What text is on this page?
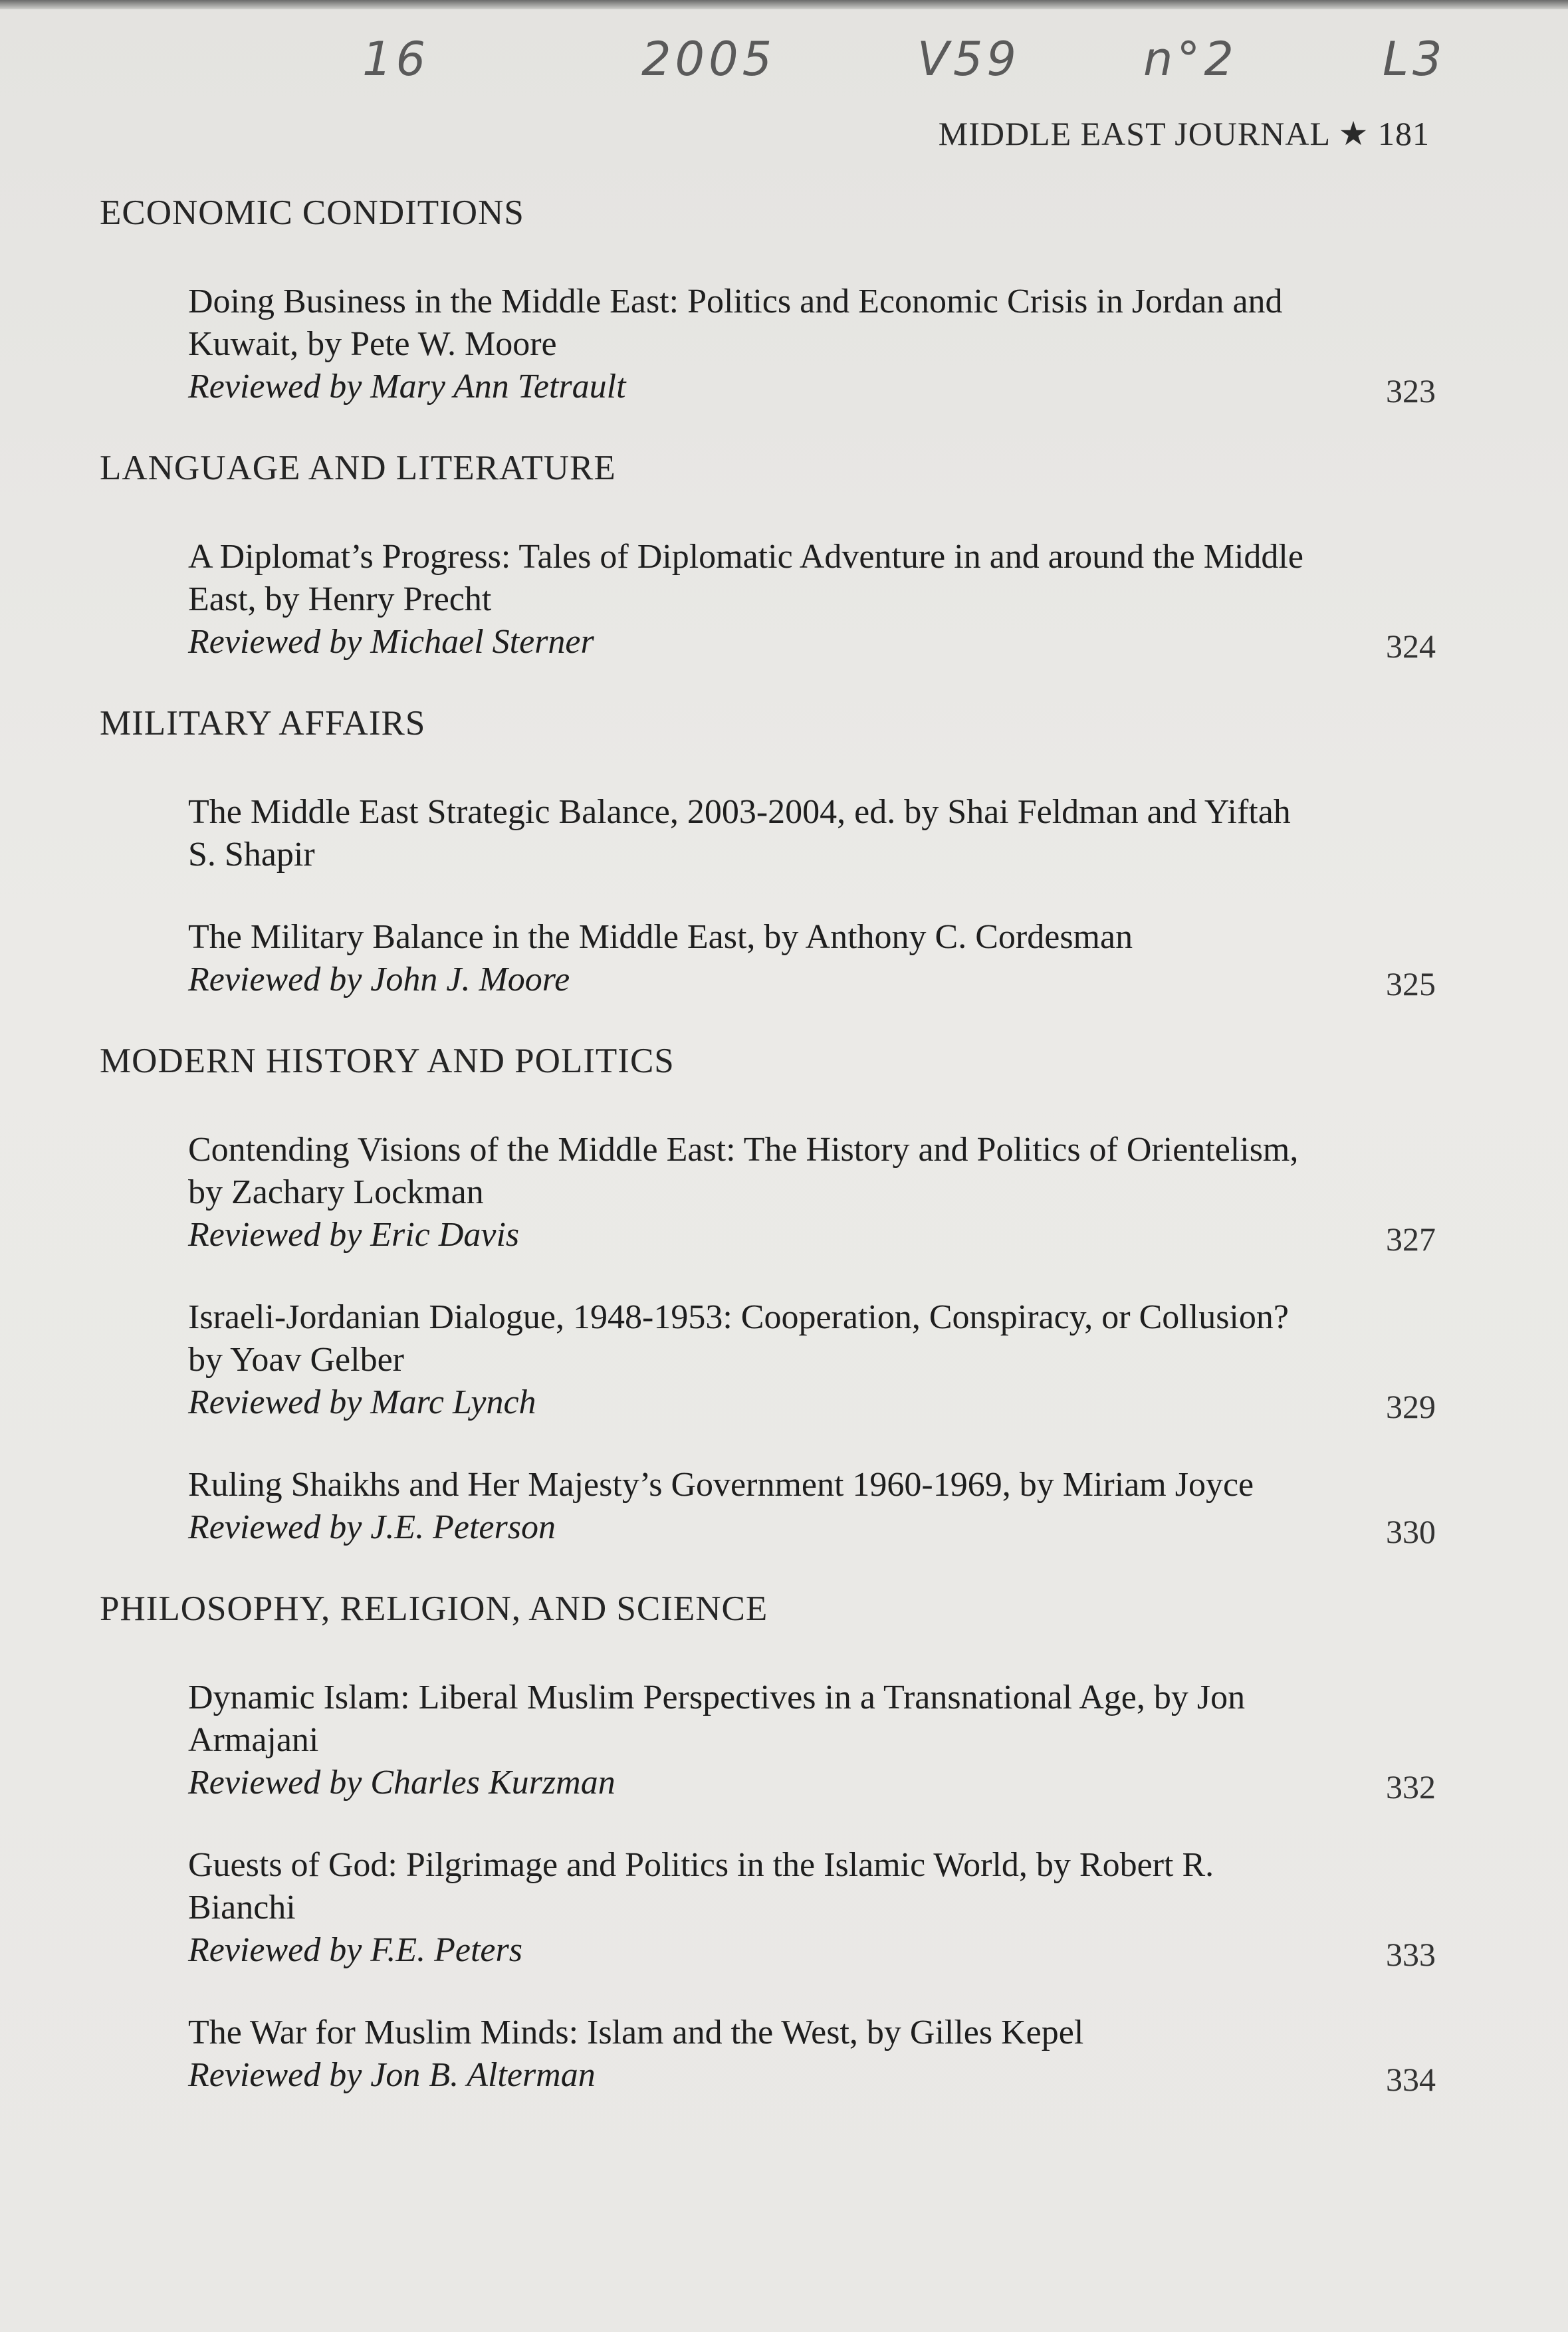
16	2005	V59	n°2	L3
MIDDLE EAST JOURNAL ★ 181
ECONOMIC CONDITIONS
Doing Business in the Middle East: Politics and Economic Crisis in Jordan and Kuwait, by Pete W. Moore
Reviewed by Mary Ann Tetrault	323
LANGUAGE AND LITERATURE
A Diplomat’s Progress: Tales of Diplomatic Adventure in and around the Middle East, by Henry Precht
Reviewed by Michael Sterner	324
MILITARY AFFAIRS
The Middle East Strategic Balance, 2003-2004, ed. by Shai Feldman and Yiftah S. Shapir
The Military Balance in the Middle East, by Anthony C. Cordesman
Reviewed by John J. Moore	325
MODERN HISTORY AND POLITICS
Contending Visions of the Middle East: The History and Politics of Orientelism, by Zachary Lockman
Reviewed by Eric Davis	327
Israeli-Jordanian Dialogue, 1948-1953: Cooperation, Conspiracy, or Collusion? by Yoav Gelber
Reviewed by Marc Lynch	329
Ruling Shaikhs and Her Majesty’s Government 1960-1969, by Miriam Joyce
Reviewed by J.E. Peterson	330
PHILOSOPHY, RELIGION, AND SCIENCE
Dynamic Islam: Liberal Muslim Perspectives in a Transnational Age, by Jon Armajani
Reviewed by Charles Kurzman	332
Guests of God: Pilgrimage and Politics in the Islamic World, by Robert R. Bianchi
Reviewed by F.E. Peters	333
The War for Muslim Minds: Islam and the West, by Gilles Kepel
Reviewed by Jon B. Alterman	334
